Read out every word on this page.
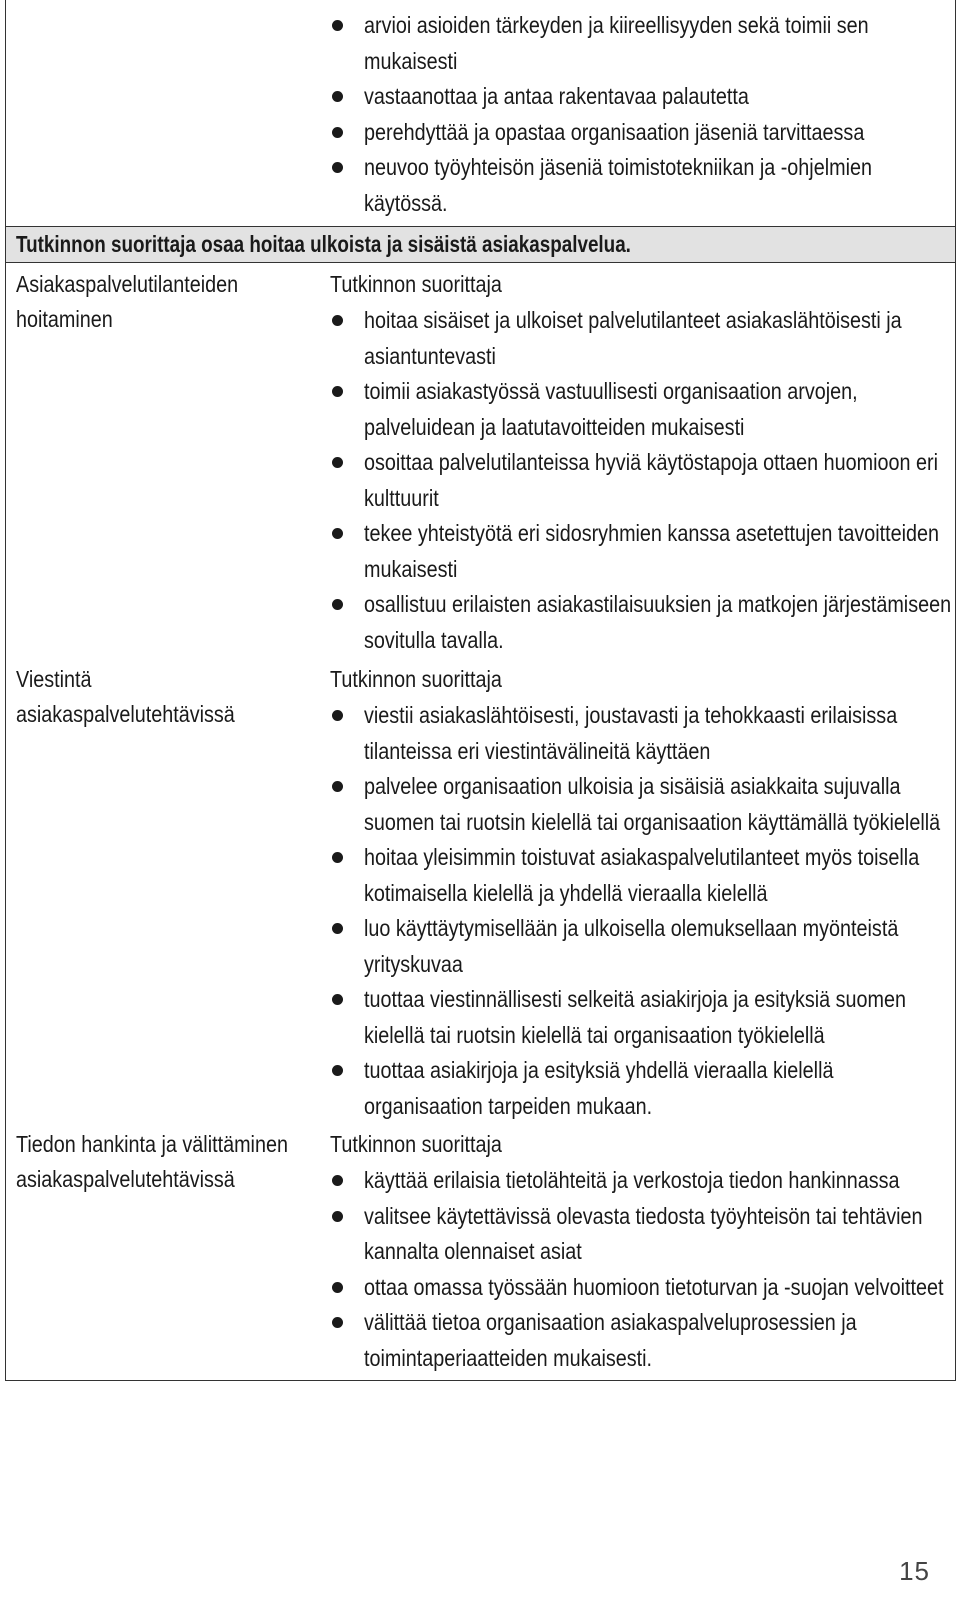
arvioi asioiden tärkeyden ja kiireellisyyden sekä toimii sen mukaisesti
vastaanottaa ja antaa rakentavaa palautetta
perehdyttää ja opastaa organisaation jäseniä tarvittaessa
neuvoo työyhteisön jäseniä toimistotekniikan ja -ohjelmien käytössä.
Tutkinnon suorittaja osaa hoitaa ulkoista ja sisäistä asiakaspalvelua.
Asiakaspalvelutilanteiden hoitaminen
Tutkinnon suorittaja
hoitaa sisäiset ja ulkoiset palvelutilanteet asiakaslähtöisesti ja asiantuntevasti
toimii asiakastyössä vastuullisesti organisaation arvojen, palveluidean ja laatutavoitteiden mukaisesti
osoittaa palvelutilanteissa hyviä käytöstapoja ottaen huomioon eri kulttuurit
tekee yhteistyötä eri sidosryhmien kanssa asetettujen tavoitteiden mukaisesti
osallistuu erilaisten asiakastilaisuuksien ja matkojen järjestämiseen sovitulla tavalla.
Viestintä asiakaspalvelutehtävissä
Tutkinnon suorittaja
viestii asiakaslähtöisesti, joustavasti ja tehokkaasti erilaisissa tilanteissa eri viestintävälineitä käyttäen
palvelee organisaation ulkoisia ja sisäisiä asiakkaita sujuvalla suomen tai ruotsin kielellä tai organisaation käyttämällä työkielellä
hoitaa yleisimmin toistuvat asiakaspalvelutilanteet myös toisella kotimaisella kielellä ja yhdellä vieraalla kielellä
luo käyttäytymisellään ja ulkoisella olemuksellaan myönteistä yrityskuvaa
tuottaa viestinnällisesti selkeitä asiakirjoja ja esityksiä suomen kielellä tai ruotsin kielellä tai organisaation työkielellä
tuottaa asiakirjoja ja esityksiä yhdellä vieraalla kielellä organisaation tarpeiden mukaan.
Tiedon hankinta ja välittäminen asiakaspalvelutehtävissä
Tutkinnon suorittaja
käyttää erilaisia tietolähteitä ja verkostoja tiedon hankinnassa
valitsee käytettävissä olevasta tiedosta työyhteisön tai tehtävien kannalta olennaiset asiat
ottaa omassa työssään huomioon tietoturvan ja -suojan velvoitteet
välittää tietoa organisaation asiakaspalveluprosessien ja toimintaperiaatteiden mukaisesti.
15
